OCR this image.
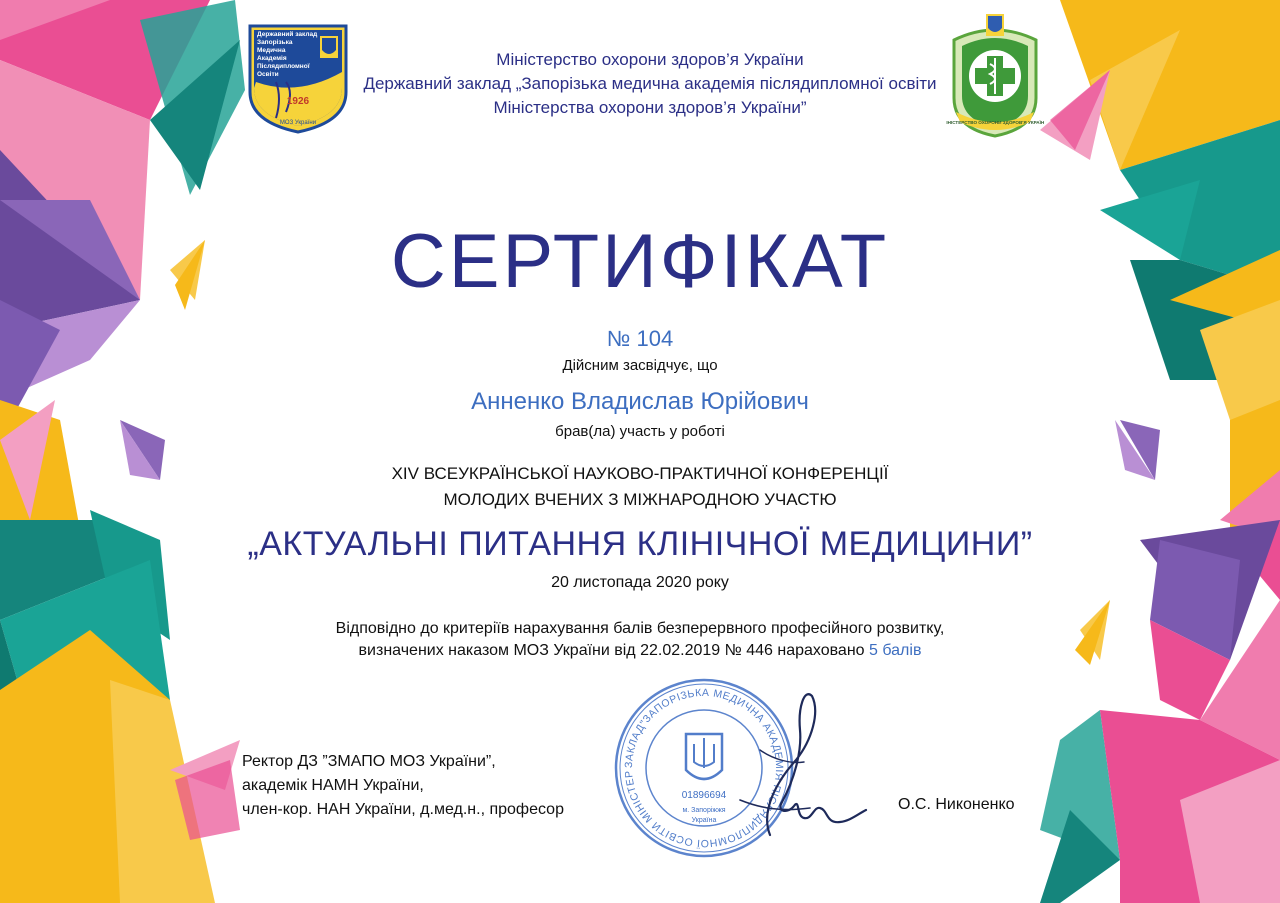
1926
МОЗ України
Державний заклад
Запорізька
Медична
Академія
Післядипломної
Освіти
Міністерство охорони здоров’я України
Державний заклад „Запорізька медична академія післядипломної освіти
Міністерства охорони здоров’я України”
МІНІСТЕРСТВО ОХОРОНИ ЗДОРОВ'Я УКРАЇНИ
СЕРТИФІКАТ
№ 104
Дійсним засвідчує, що
Анненко Владислав Юрійович
брав(ла) участь у роботі
XIV ВСЕУКРАЇНСЬКОЇ НАУКОВО-ПРАКТИЧНОЇ КОНФЕРЕНЦІЇ
МОЛОДИХ ВЧЕНИХ З МІЖНАРОДНОЮ УЧАСТЮ
„АКТУАЛЬНІ ПИТАННЯ КЛІНІЧНОЇ МЕДИЦИНИ”
20 листопада 2020 року
Відповідно до критеріїв нарахування балів безперервного професійного розвитку,
визначених наказом МОЗ України від 22.02.2019 № 446 нараховано 5 балів
ЗАКЛАД"ЗАПОРІЗЬКА МЕДИЧНА АКАДЕМІЯ ПІСЛЯДИПЛОМНОЇ ОСВІТИ МІНІСТЕР
01896694
м. Запоріжжя
Україна
Ректор ДЗ ”ЗМАПО МОЗ України”,
академік НАМН України,
член-кор. НАН України, д.мед.н., професор	О.С. Никоненко
